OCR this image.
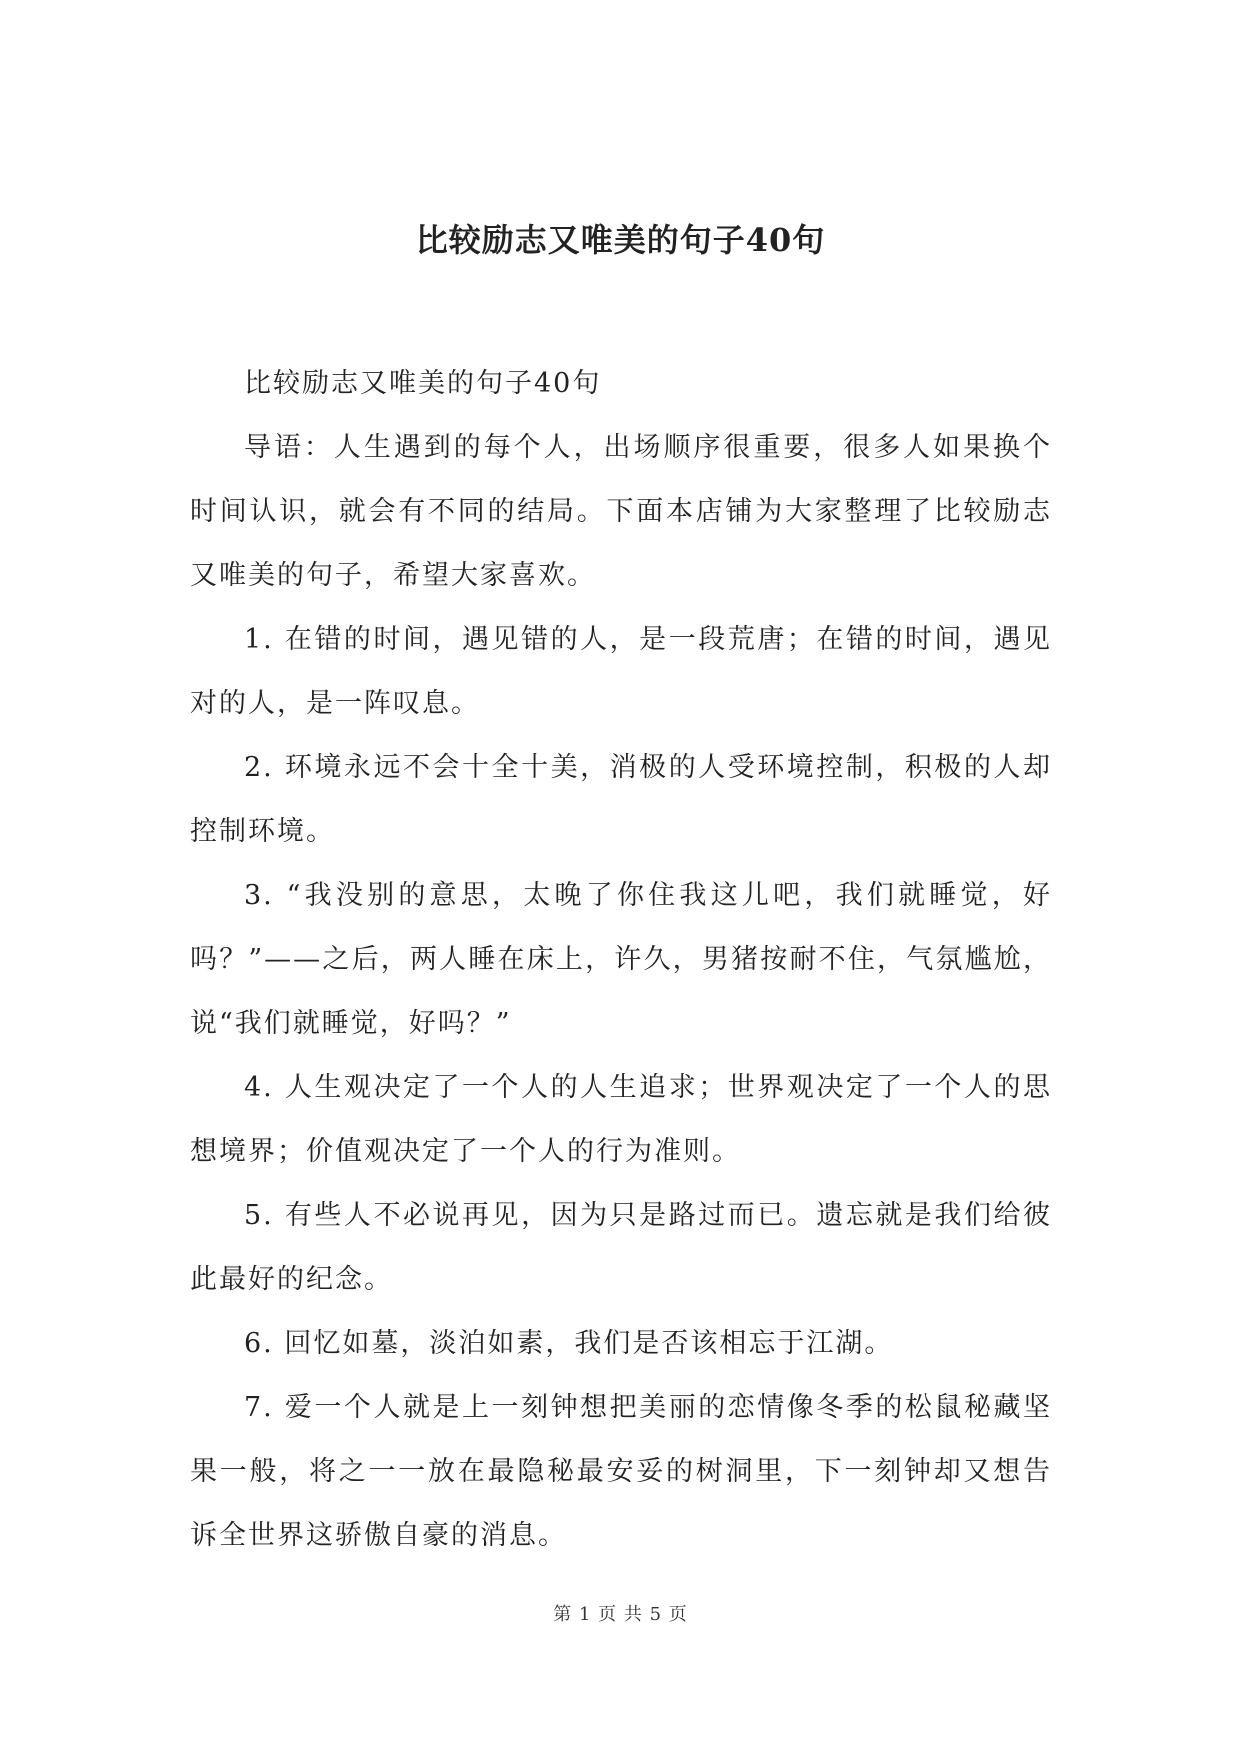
比较励志又唯美的句子40句

比较励志又唯美的句子40句

导语：人生遇到的每个人，出场顺序很重要，很多人如果换个时间认识，就会有不同的结局。下面本店铺为大家整理了比较励志又唯美的句子，希望大家喜欢。

1. 在错的时间，遇见错的人，是一段荒唐；在错的时间，遇见对的人，是一阵叹息。

2. 环境永远不会十全十美，消极的人受环境控制，积极的人却控制环境。

3. “我没别的意思，太晚了你住我这儿吧，我们就睡觉，好吗？”——之后，两人睡在床上，许久，男猪按耐不住，气氛尴尬，说“我们就睡觉，好吗？”

4. 人生观决定了一个人的人生追求；世界观决定了一个人的思想境界；价值观决定了一个人的行为准则。

5. 有些人不必说再见，因为只是路过而已。遗忘就是我们给彼此最好的纪念。

6. 回忆如墓，淡泊如素，我们是否该相忘于江湖。

7. 爱一个人就是上一刻钟想把美丽的恋情像冬季的松鼠秘藏坚果一般，将之一一放在最隐秘最安妥的树洞里，下一刻钟却又想告诉全世界这骄傲自豪的消息。

第 1 页 共 5 页
